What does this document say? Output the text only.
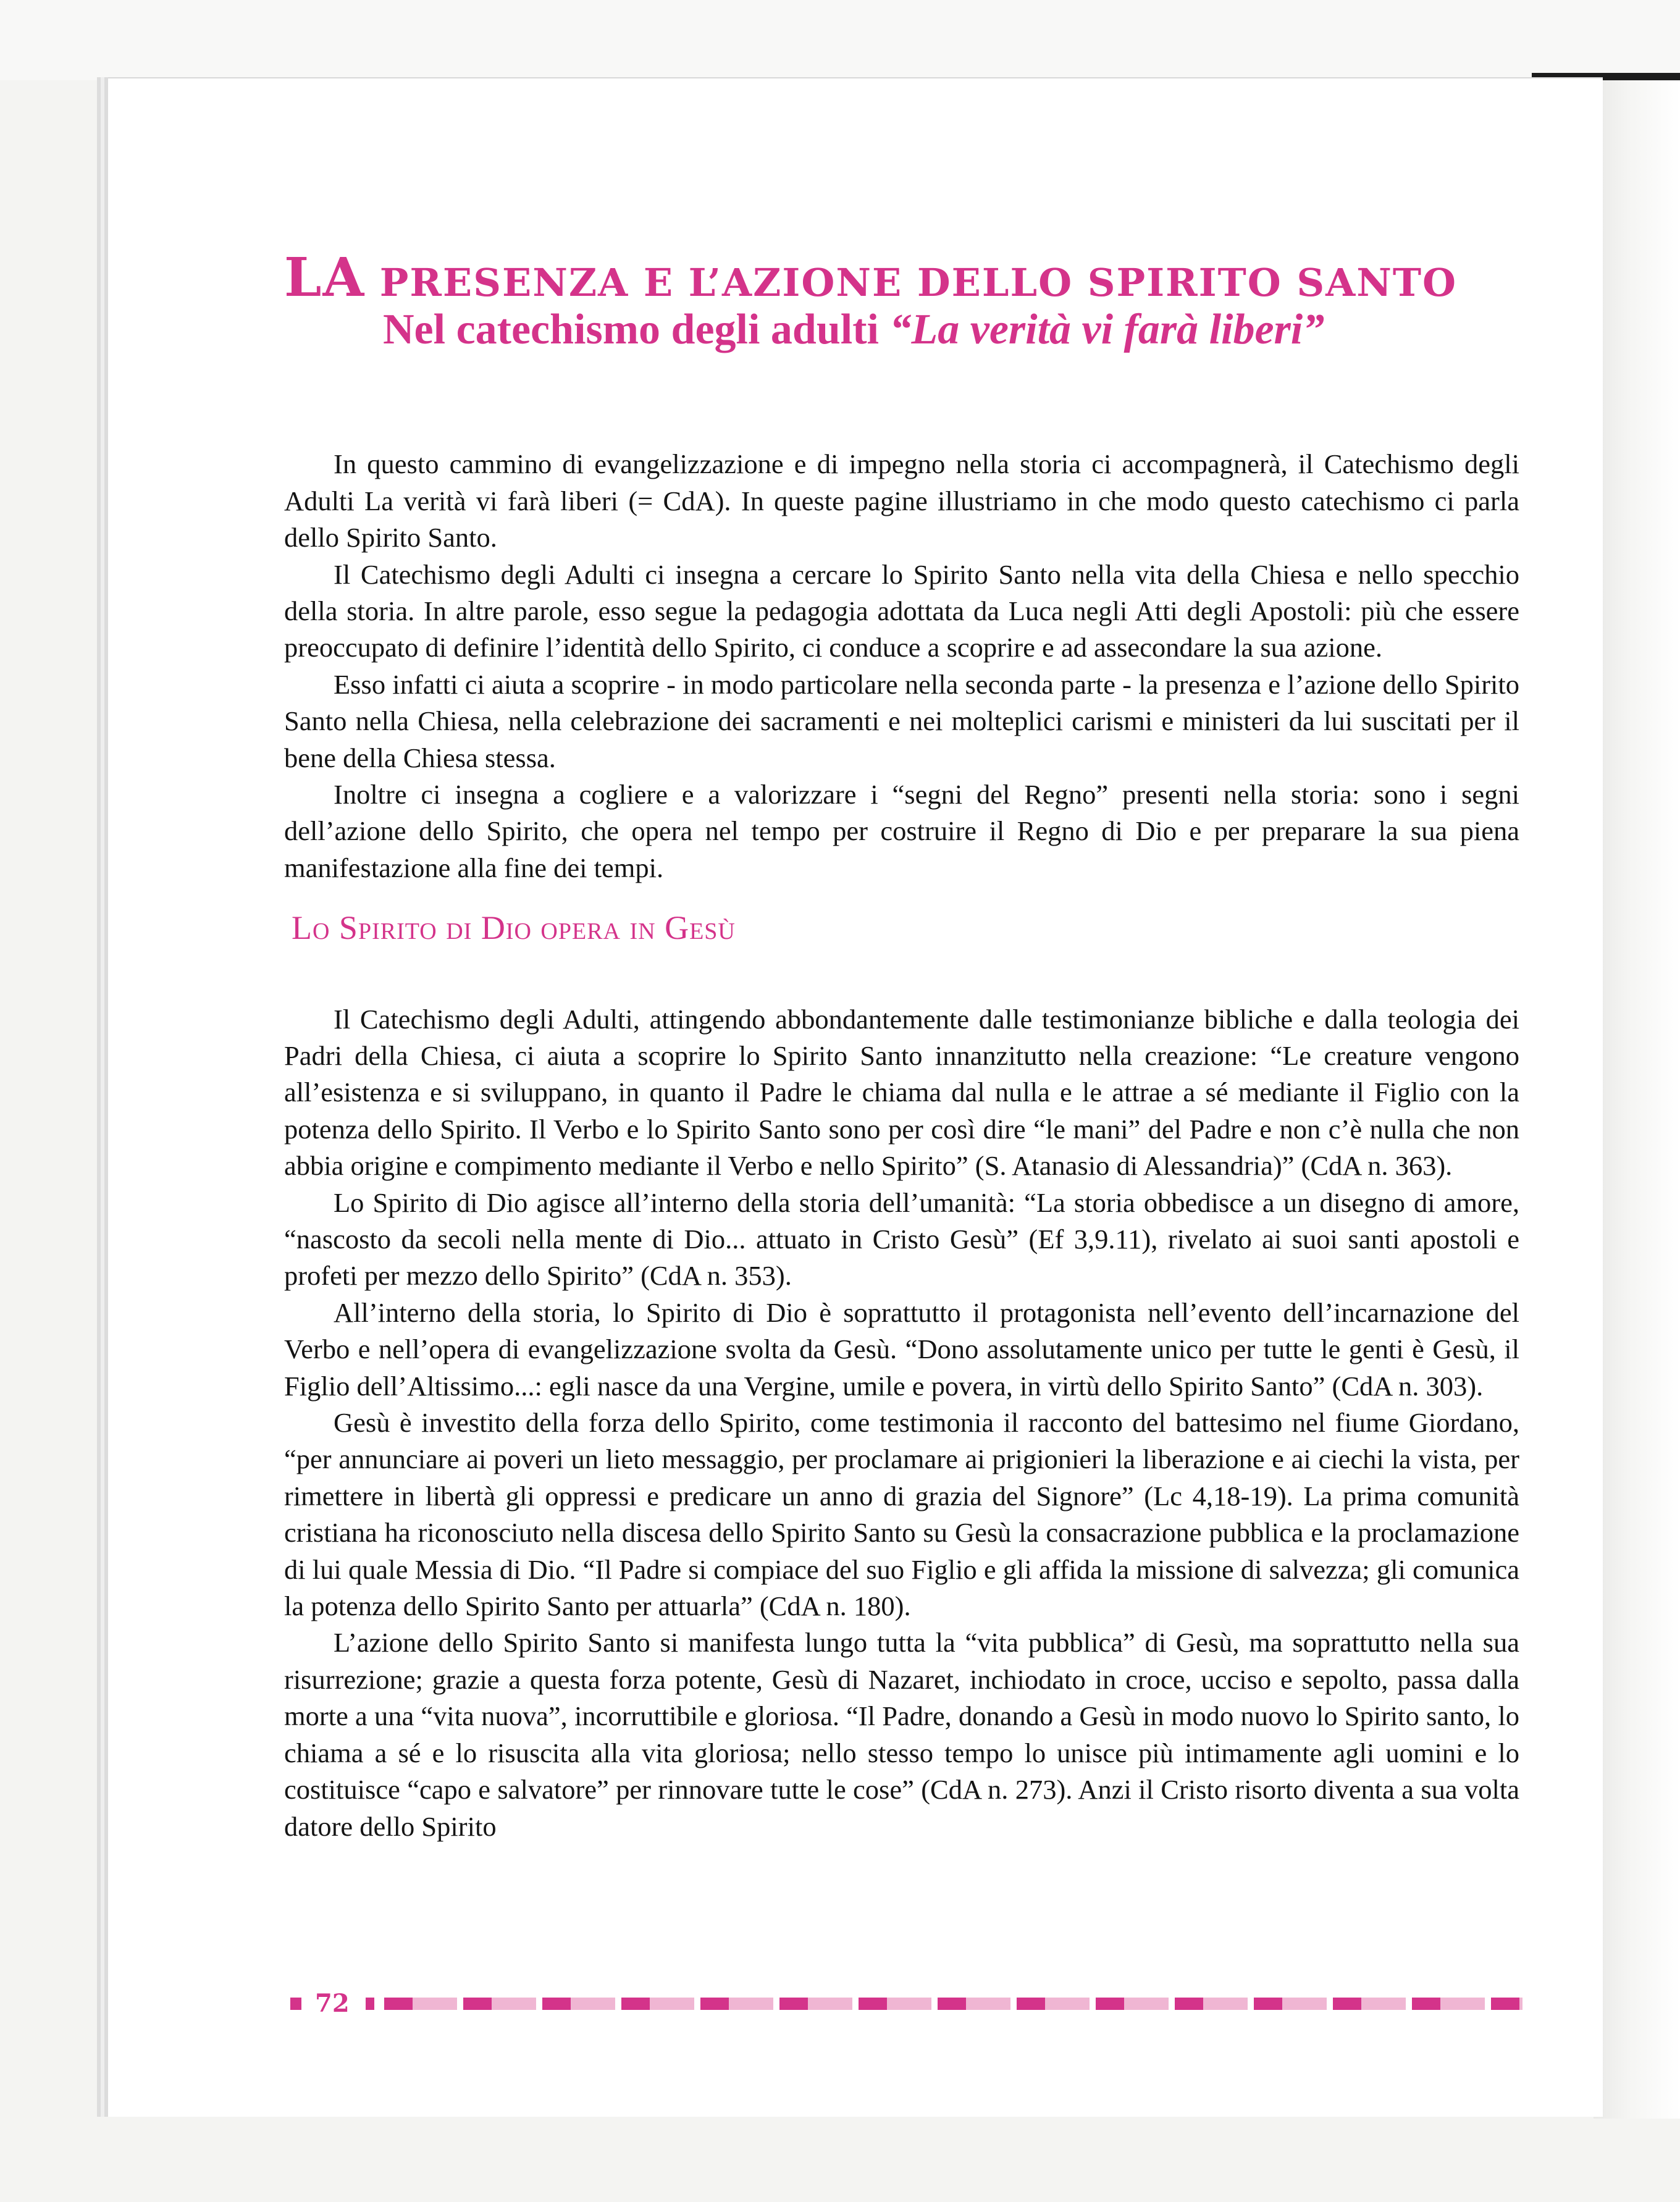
LA PRESENZA E L’AZIONE DELLO SPIRITO SANTO
Nel catechismo degli adulti “La verità vi farà liberi”

In questo cammino di evangelizzazione e di impegno nella storia ci accompagnerà, il Catechismo degli Adulti La verità vi farà liberi (= CdA). In queste pagine illustriamo in che modo questo catechismo ci parla dello Spirito Santo.

Il Catechismo degli Adulti ci insegna a cercare lo Spirito Santo nella vita della Chiesa e nello specchio della storia. In altre parole, esso segue la pedagogia adottata da Luca negli Atti degli Apostoli: più che essere preoccupato di definire l’identità dello Spirito, ci conduce a scoprire e ad assecondare la sua azione.

Esso infatti ci aiuta a scoprire - in modo particolare nella seconda parte - la presenza e l’azione dello Spirito Santo nella Chiesa, nella celebrazione dei sacramenti e nei molteplici carismi e ministeri da lui suscitati per il bene della Chiesa stessa.

Inoltre ci insegna a cogliere e a valorizzare i “segni del Regno” presenti nella storia: sono i segni dell’azione dello Spirito, che opera nel tempo per costruire il Regno di Dio e per preparare la sua piena manifestazione alla fine dei tempi.

Lo Spirito di Dio opera in Gesù

Il Catechismo degli Adulti, attingendo abbondantemente dalle testimonianze bibliche e dalla teologia dei Padri della Chiesa, ci aiuta a scoprire lo Spirito Santo innanzitutto nella creazione: “Le creature vengono all’esistenza e si sviluppano, in quanto il Padre le chiama dal nulla e le attrae a sé mediante il Figlio con la potenza dello Spirito. Il Verbo e lo Spirito Santo sono per così dire “le mani” del Padre e non c’è nulla che non abbia origine e compimento mediante il Verbo e nello Spirito” (S. Atanasio di Alessandria)” (CdA n. 363).

Lo Spirito di Dio agisce all’interno della storia dell’umanità: “La storia obbedisce a un disegno di amore, “nascosto da secoli nella mente di Dio... attuato in Cristo Gesù” (Ef 3,9.11), rivelato ai suoi santi apostoli e profeti per mezzo dello Spirito” (CdA n. 353).

All’interno della storia, lo Spirito di Dio è soprattutto il protagonista nell’evento dell’incarnazione del Verbo e nell’opera di evangelizzazione svolta da Gesù. “Dono assolutamente unico per tutte le genti è Gesù, il Figlio dell’Altissimo...: egli nasce da una Vergine, umile e povera, in virtù dello Spirito Santo” (CdA n. 303).

Gesù è investito della forza dello Spirito, come testimonia il racconto del battesimo nel fiume Giordano, “per annunciare ai poveri un lieto messaggio, per proclamare ai prigionieri la liberazione e ai ciechi la vista, per rimettere in libertà gli oppressi e predicare un anno di grazia del Signore” (Lc 4,18-19). La prima comunità cristiana ha riconosciuto nella discesa dello Spirito Santo su Gesù la consacrazione pubblica e la proclamazione di lui quale Messia di Dio. “Il Padre si compiace del suo Figlio e gli affida la missione di salvezza; gli comunica la potenza dello Spirito Santo per attuarla” (CdA n. 180).

L’azione dello Spirito Santo si manifesta lungo tutta la “vita pubblica” di Gesù, ma soprattutto nella sua risurrezione; grazie a questa forza potente, Gesù di Nazaret, inchiodato in croce, ucciso e sepolto, passa dalla morte a una “vita nuova”, incorruttibile e gloriosa. “Il Padre, donando a Gesù in modo nuovo lo Spirito santo, lo chiama a sé e lo risuscita alla vita gloriosa; nello stesso tempo lo unisce più intimamente agli uomini e lo costituisce “capo e salvatore” per rinnovare tutte le cose” (CdA n. 273). Anzi il Cristo risorto diventa a sua volta datore dello Spirito

72
